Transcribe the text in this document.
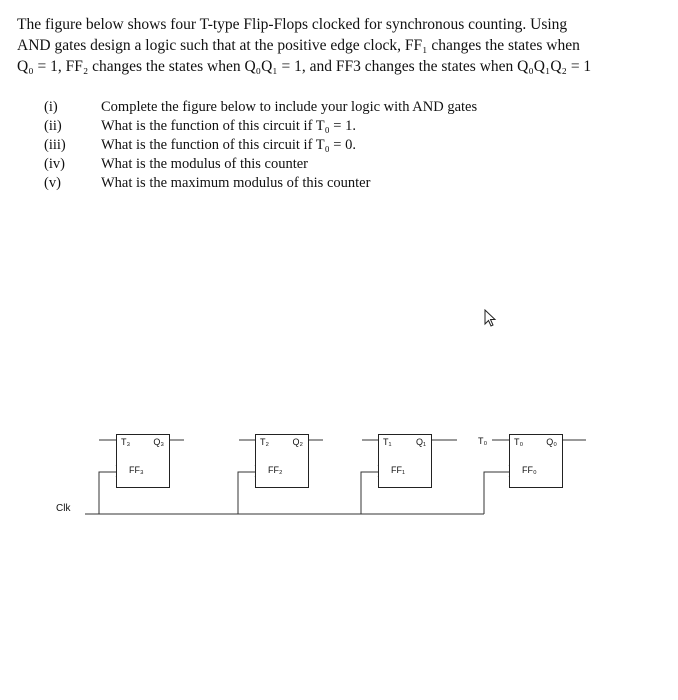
The figure below shows four T-type Flip-Flops clocked for synchronous counting. Using
AND gates design a logic such that at the positive edge clock, FF₁ changes the states when
Q₀ = 1, FF₂ changes the states when Q₀Q₁ = 1, and FF3 changes the states when Q₀Q₁Q₂ = 1
(i)	Complete the figure below to include your logic with AND gates
(ii)	What is the function of this circuit if T₀ = 1.
(iii)	What is the function of this circuit if T₀ = 0.
(iv)	What is the modulus of this counter
(v)	What is the maximum modulus of this counter
T₃	Q₃
FF₃
T₂	Q₂
FF₂
T₁	Q₁
FF₁
T₀	Q₀
FF₀
T₀
Clk
